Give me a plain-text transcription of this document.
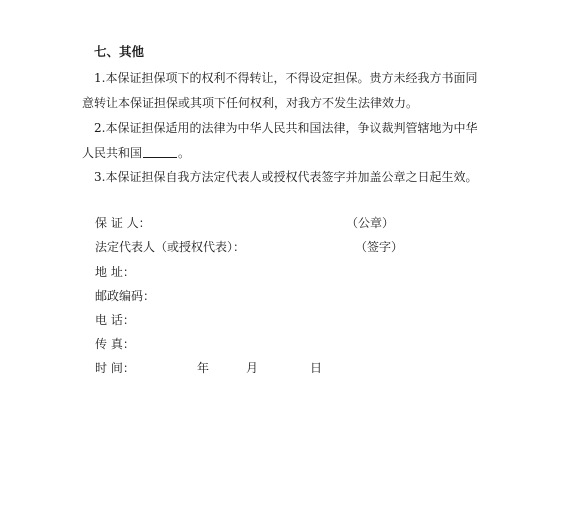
七、其他
1.本保证担保项下的权利不得转让，不得设定担保。贵方未经我方书面同
意转让本保证担保或其项下任何权利，对我方不发生法律效力。
2.本保证担保适用的法律为中华人民共和国法律，争议裁判管辖地为中华
人民共和国	。
3.本保证担保自我方法定代表人或授权代表签字并加盖公章之日起生效。
保 证 人：	（公章）
法定代表人（或授权代表）：	（签字）
地 址：
邮政编码：
电 话：
传 真：
时 间：	年	月	日
